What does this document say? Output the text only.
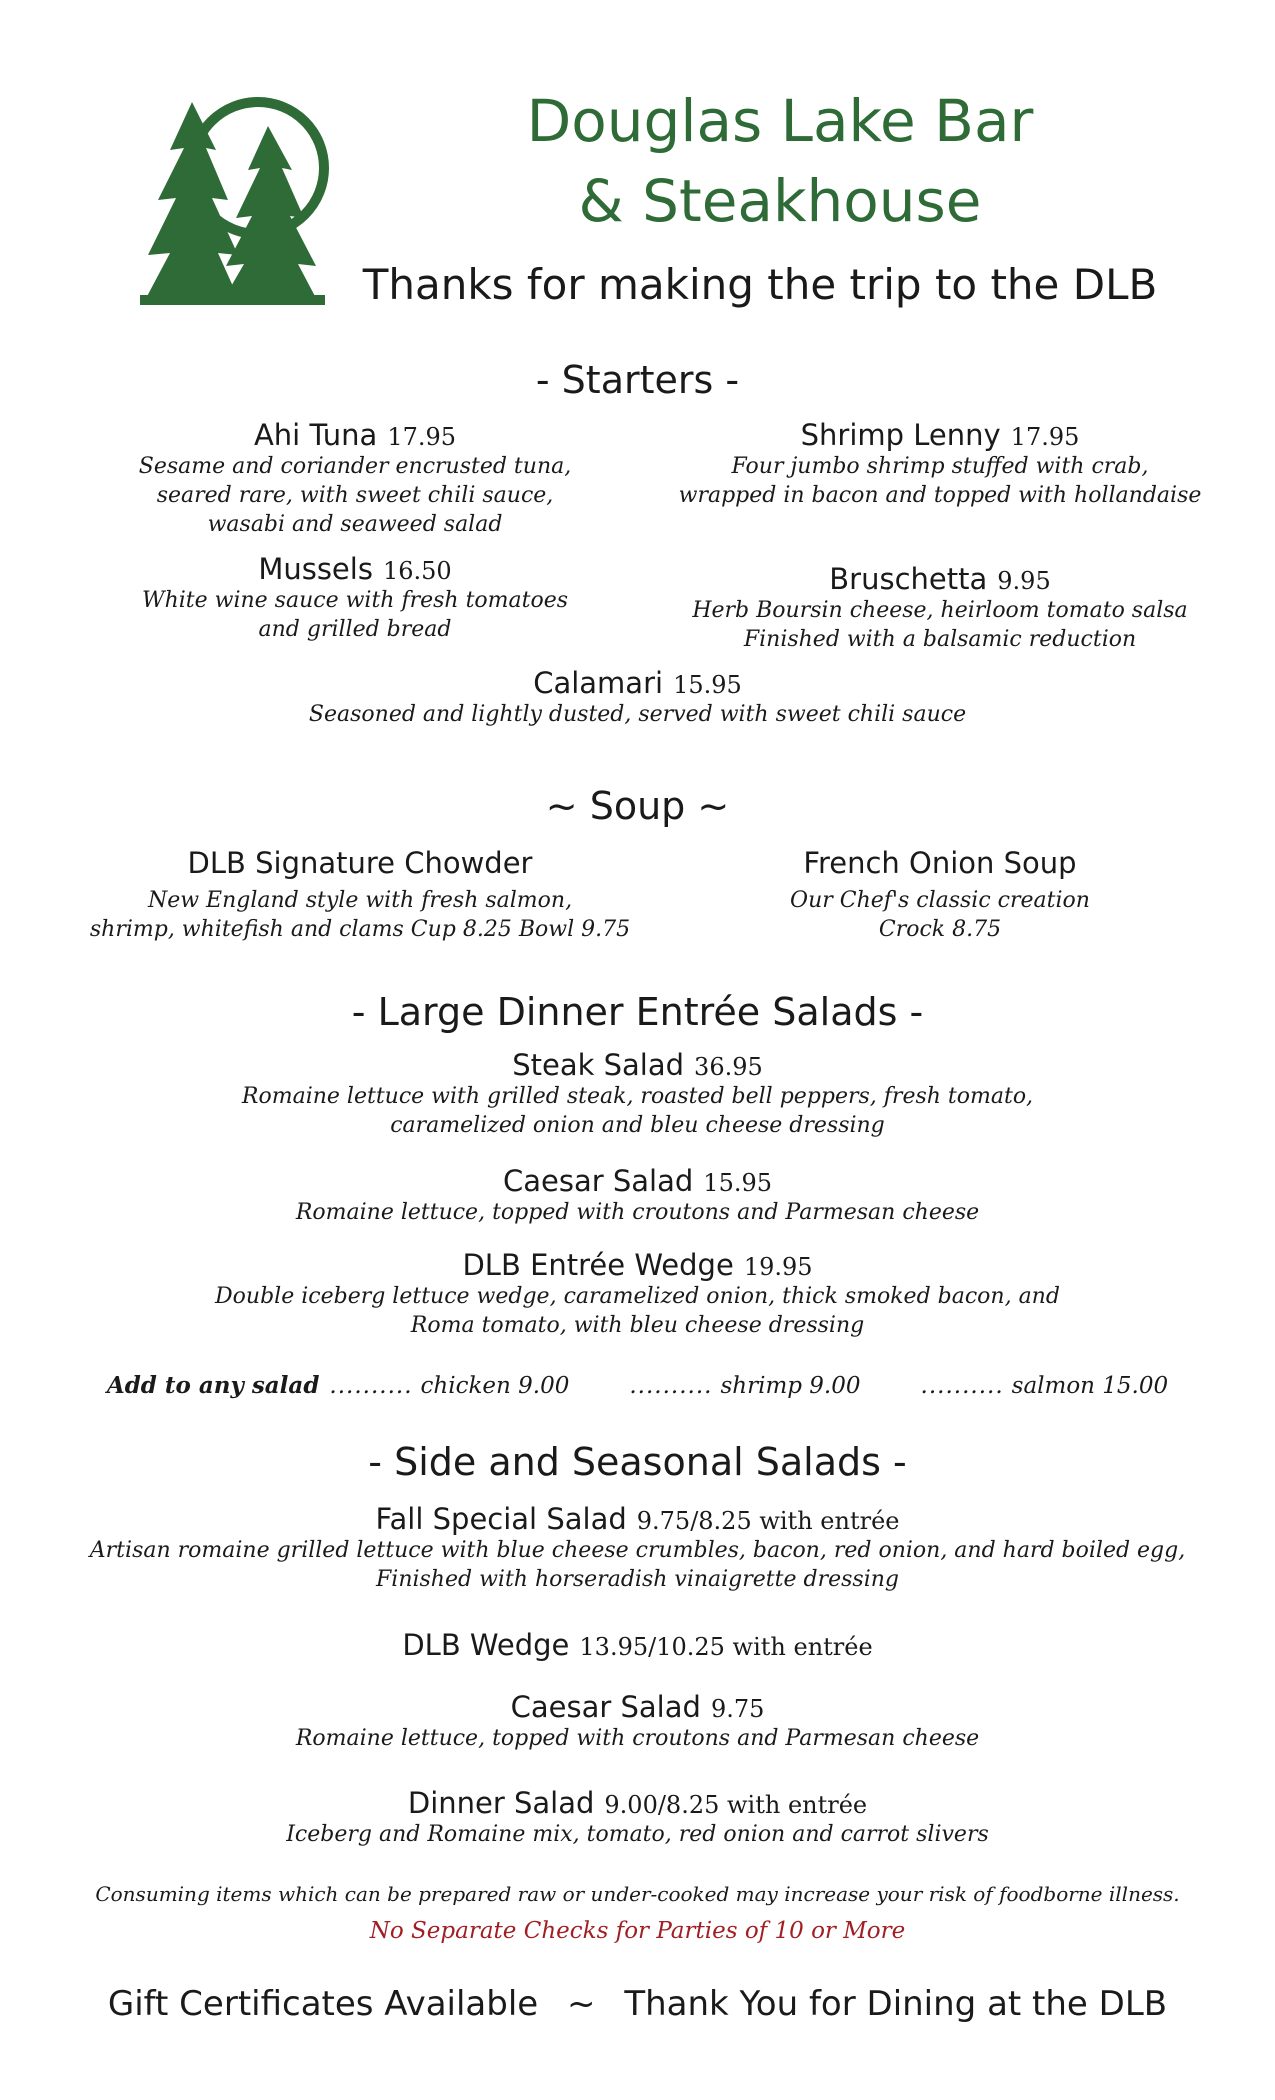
Douglas Lake Bar
& Steakhouse
Thanks for making the trip to the DLB
- Starters -
Ahi Tuna 17.95
Sesame and coriander encrusted tuna,
seared rare, with sweet chili sauce,
wasabi and seaweed salad
Shrimp Lenny 17.95
Four jumbo shrimp stuffed with crab,
wrapped in bacon and topped with hollandaise
Mussels 16.50
White wine sauce with fresh tomatoes
and grilled bread
Bruschetta 9.95
Herb Boursin cheese, heirloom tomato salsa
Finished with a balsamic reduction
Calamari 15.95
Seasoned and lightly dusted, served with sweet chili sauce
~ Soup ~
DLB Signature Chowder
New England style with fresh salmon,
shrimp, whitefish and clams Cup 8.25 Bowl 9.75
French Onion Soup
Our Chef's classic creation
Crock 8.75
- Large Dinner Entrée Salads -
Steak Salad 36.95
Romaine lettuce with grilled steak, roasted bell peppers, fresh tomato,
caramelized onion and bleu cheese dressing
Caesar Salad 15.95
Romaine lettuce, topped with croutons and Parmesan cheese
DLB Entrée Wedge 19.95
Double iceberg lettuce wedge, caramelized onion, thick smoked bacon, and
Roma tomato, with bleu cheese dressing
Add to any salad .......... chicken 9.00	.......... shrimp 9.00	.......... salmon 15.00
- Side and Seasonal Salads -
Fall Special Salad 9.75/8.25 with entrée
Artisan romaine grilled lettuce with blue cheese crumbles, bacon, red onion, and hard boiled egg,
Finished with horseradish vinaigrette dressing
DLB Wedge 13.95/10.25 with entrée
Caesar Salad 9.75
Romaine lettuce, topped with croutons and Parmesan cheese
Dinner Salad 9.00/8.25 with entrée
Iceberg and Romaine mix, tomato, red onion and carrot slivers
Consuming items which can be prepared raw or under-cooked may increase your risk of foodborne illness.
No Separate Checks for Parties of 10 or More
Gift Certificates Available ~ Thank You for Dining at the DLB
